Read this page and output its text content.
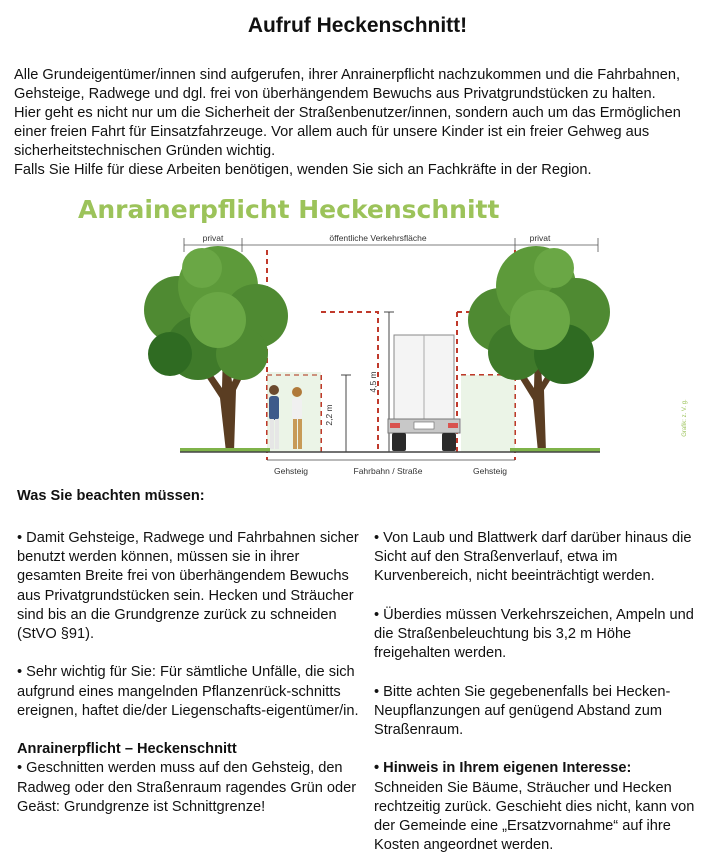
Aufruf Heckenschnitt!

Alle Grundeigentümer/innen sind aufgerufen, ihrer Anrainerpflicht nachzukommen und die Fahrbahnen, Gehsteige, Radwege und dgl. frei von überhängendem Bewuchs aus Privatgrundstücken zu halten.

Hier geht es nicht nur um die Sicherheit der Straßenbenutzer/innen, sondern auch um das Ermöglichen einer freien Fahrt für Einsatzfahrzeuge. Vor allem auch für unsere Kinder ist ein freier Gehweg aus sicherheitstechnischen Gründen wichtig.

Falls Sie Hilfe für diese Arbeiten benötigen, wenden Sie sich an Fachkräfte in der Region.

Anrainerpflicht Heckenschnitt
privat	öffentliche Verkehrsfläche	privat
2,2 m
4,5 m
Gehsteig	Fahrbahn / Straße	Gehsteig
Grafik: z. V. g.
Was Sie beachten müssen:

• Damit Gehsteige, Radwege und Fahrbahnen sicher benutzt werden können, müssen sie in ihrer gesamten Breite frei von überhängendem Bewuchs aus Privatgrundstücken sein. Hecken und Sträucher sind bis an die Grundgrenze zurück zu schneiden (StVO §91).

• Sehr wichtig für Sie: Für sämtliche Unfälle, die sich aufgrund eines mangelnden Pflanzenrück-schnitts ereignen, haftet die/der Liegenschafts-eigentümer/in.

Anrainerpflicht – Heckenschnitt

• Geschnitten werden muss auf den Gehsteig, den Radweg oder den Straßenraum ragendes Grün oder Geäst: Grundgrenze ist Schnittgrenze!

• Von Laub und Blattwerk darf darüber hinaus die Sicht auf den Straßenverlauf, etwa im Kurvenbereich, nicht beeinträchtigt werden.

• Überdies müssen Verkehrszeichen, Ampeln und die Straßenbeleuchtung bis 3,2 m Höhe freigehalten werden.

• Bitte achten Sie gegebenenfalls bei Hecken-Neupflanzungen auf genügend Abstand zum Straßenraum.

• Hinweis in Ihrem eigenen Interesse:
Schneiden Sie Bäume, Sträucher und Hecken rechtzeitig zurück. Geschieht dies nicht, kann von der Gemeinde eine „Ersatzvornahme“ auf ihre Kosten angeordnet werden.
